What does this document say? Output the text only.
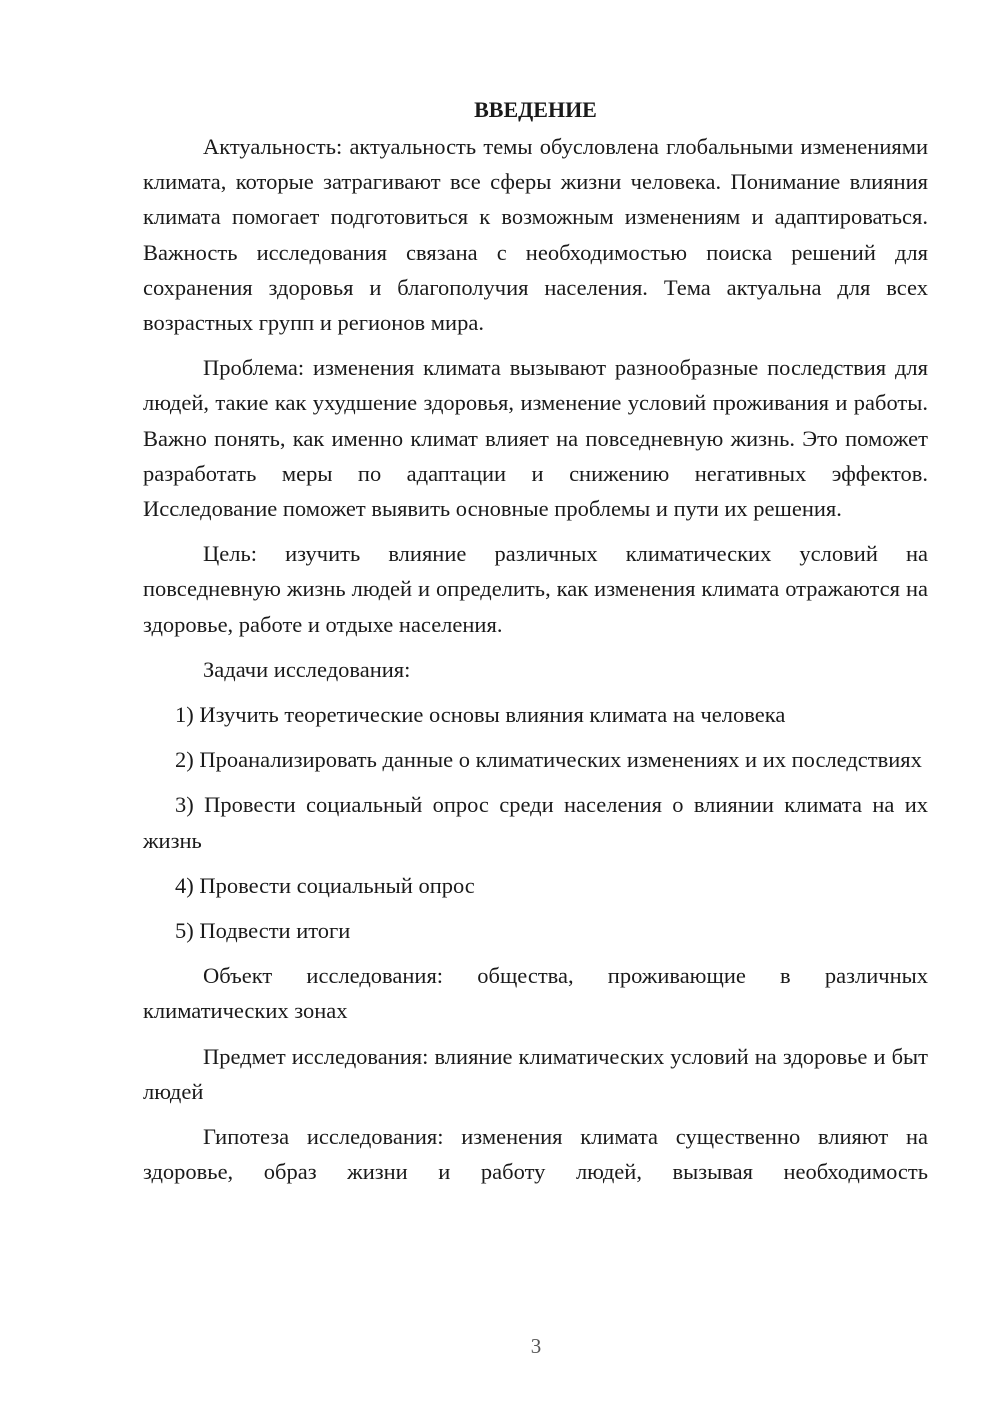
ВВЕДЕНИЕ

Актуальность: актуальность темы обусловлена глобальными изменениями климата, которые затрагивают все сферы жизни человека. Понимание влияния климата помогает подготовиться к возможным изменениям и адаптироваться. Важность исследования связана с необходимостью поиска решений для сохранения здоровья и благополучия населения. Тема актуальна для всех возрастных групп и регионов мира.

Проблема: изменения климата вызывают разнообразные последствия для людей, такие как ухудшение здоровья, изменение условий проживания и работы. Важно понять, как именно климат влияет на повседневную жизнь. Это поможет разработать меры по адаптации и снижению негативных эффектов. Исследование поможет выявить основные проблемы и пути их решения.

Цель: изучить влияние различных климатических условий на повседневную жизнь людей и определить, как изменения климата отражаются на здоровье, работе и отдыхе населения.

Задачи исследования:

1) Изучить теоретические основы влияния климата на человека

2) Проанализировать данные о климатических изменениях и их последствиях

3) Провести социальный опрос среди населения о влиянии климата на их жизнь

4) Провести социальный опрос

5) Подвести итоги

Объект исследования: общества, проживающие в различных климатических зонах

Предмет исследования: влияние климатических условий на здоровье и быт людей

Гипотеза исследования: изменения климата существенно влияют на здоровье, образ жизни и работу людей, вызывая необходимость

3
